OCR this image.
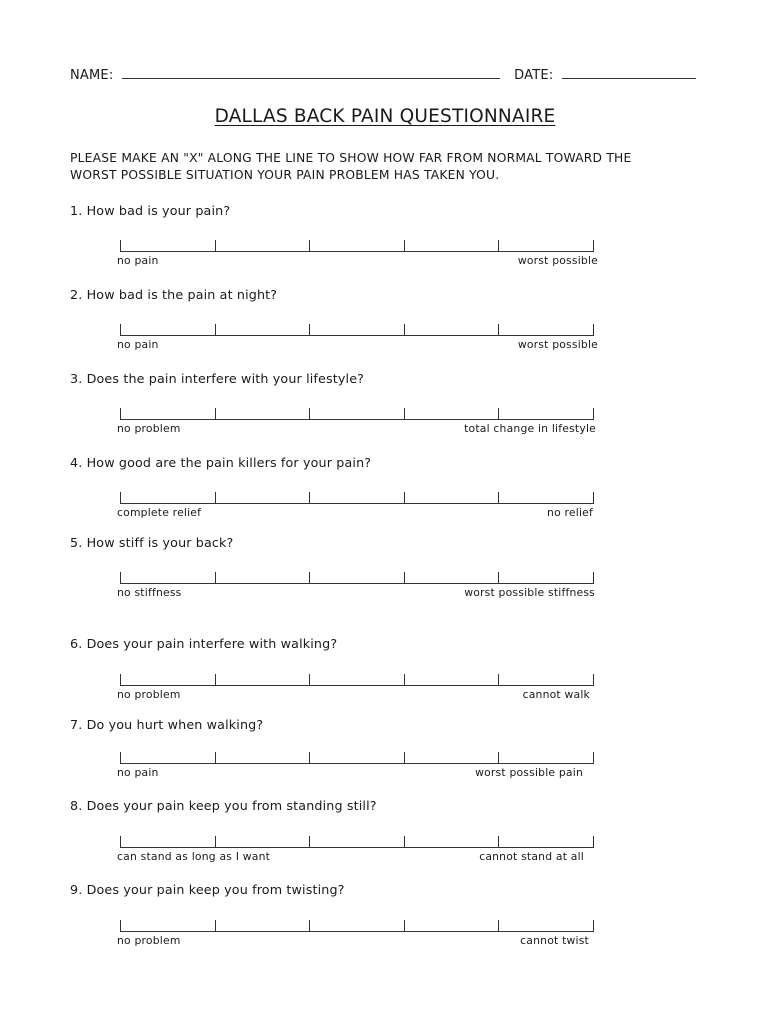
NAME:	DATE:
DALLAS BACK PAIN QUESTIONNAIRE
PLEASE MAKE AN "X" ALONG THE LINE TO SHOW HOW FAR FROM NORMAL TOWARD THE
WORST POSSIBLE SITUATION YOUR PAIN PROBLEM HAS TAKEN YOU.
1. How bad is your pain?
no pain	worst possible
2. How bad is the pain at night?
no pain	worst possible
3. Does the pain interfere with your lifestyle?
no problem	total change in lifestyle
4. How good are the pain killers for your pain?
complete relief	no relief
5. How stiff is your back?
no stiffness	worst possible stiffness
6. Does your pain interfere with walking?
no problem	cannot walk
7. Do you hurt when walking?
no pain	worst possible pain
8. Does your pain keep you from standing still?
can stand as long as I want	cannot stand at all
9. Does your pain keep you from twisting?
no problem	cannot twist
